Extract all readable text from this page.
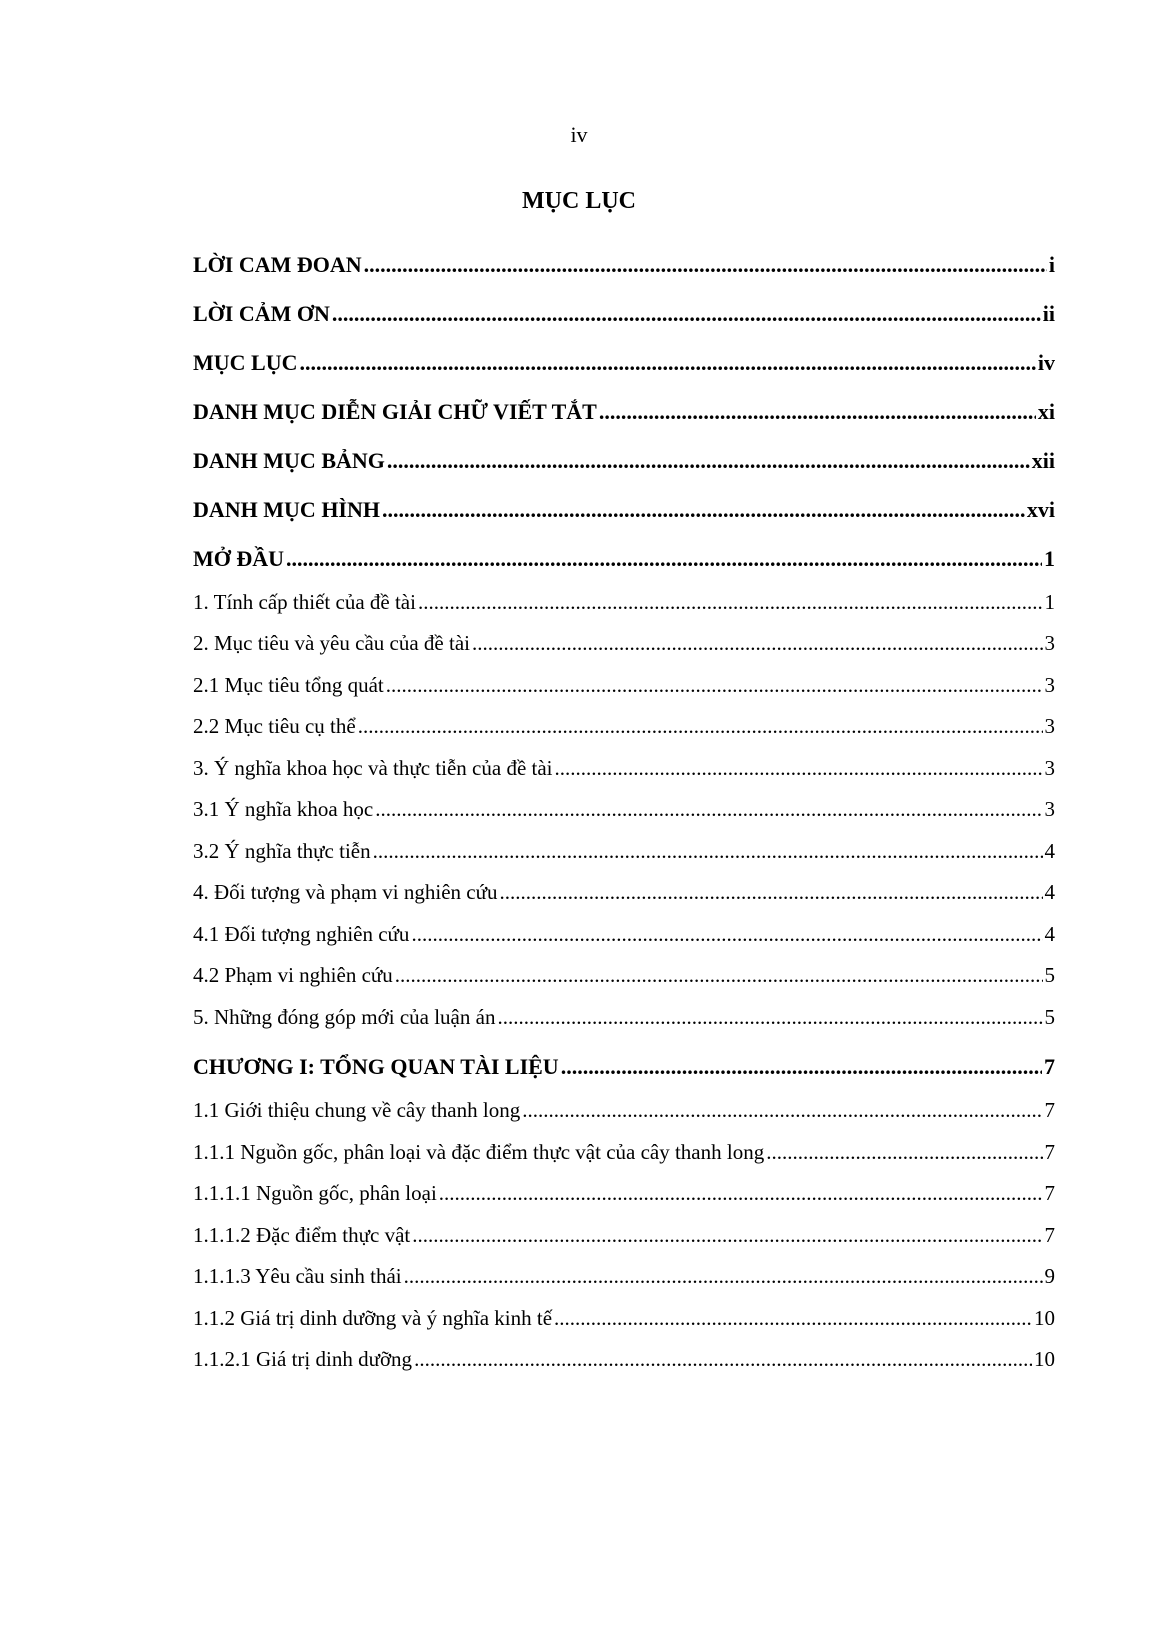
iv
MỤC LỤC
LỜI CAM ĐOAN .....	i
LỜI CẢM ƠN .....	ii
MỤC LỤC .....	iv
DANH MỤC DIỄN GIẢI CHỮ VIẾT TẮT .....	xi
DANH MỤC BẢNG .....	xii
DANH MỤC HÌNH .....	xvi
MỞ ĐẦU .....	1
1. Tính cấp thiết của đề tài .....	1
2. Mục tiêu và yêu cầu của đề tài .....	3
2.1 Mục tiêu tổng quát .....	3
2.2 Mục tiêu cụ thể .....	3
3. Ý nghĩa khoa học và thực tiễn của đề tài .....	3
3.1 Ý nghĩa khoa học .....	3
3.2 Ý nghĩa thực tiễn .....	4
4. Đối tượng và phạm vi nghiên cứu .....	4
4.1 Đối tượng nghiên cứu .....	4
4.2 Phạm vi nghiên cứu .....	5
5. Những đóng góp mới của luận án .....	5
CHƯƠNG I: TỔNG QUAN TÀI LIỆU .....	7
1.1 Giới thiệu chung về cây thanh long .....	7
1.1.1 Nguồn gốc, phân loại và đặc điểm thực vật của cây thanh long .....	7
1.1.1.1 Nguồn gốc, phân loại .....	7
1.1.1.2 Đặc điểm thực vật .....	7
1.1.1.3 Yêu cầu sinh thái .....	9
1.1.2 Giá trị dinh dưỡng và ý nghĩa kinh tế .....	10
1.1.2.1 Giá trị dinh dưỡng .....	10
